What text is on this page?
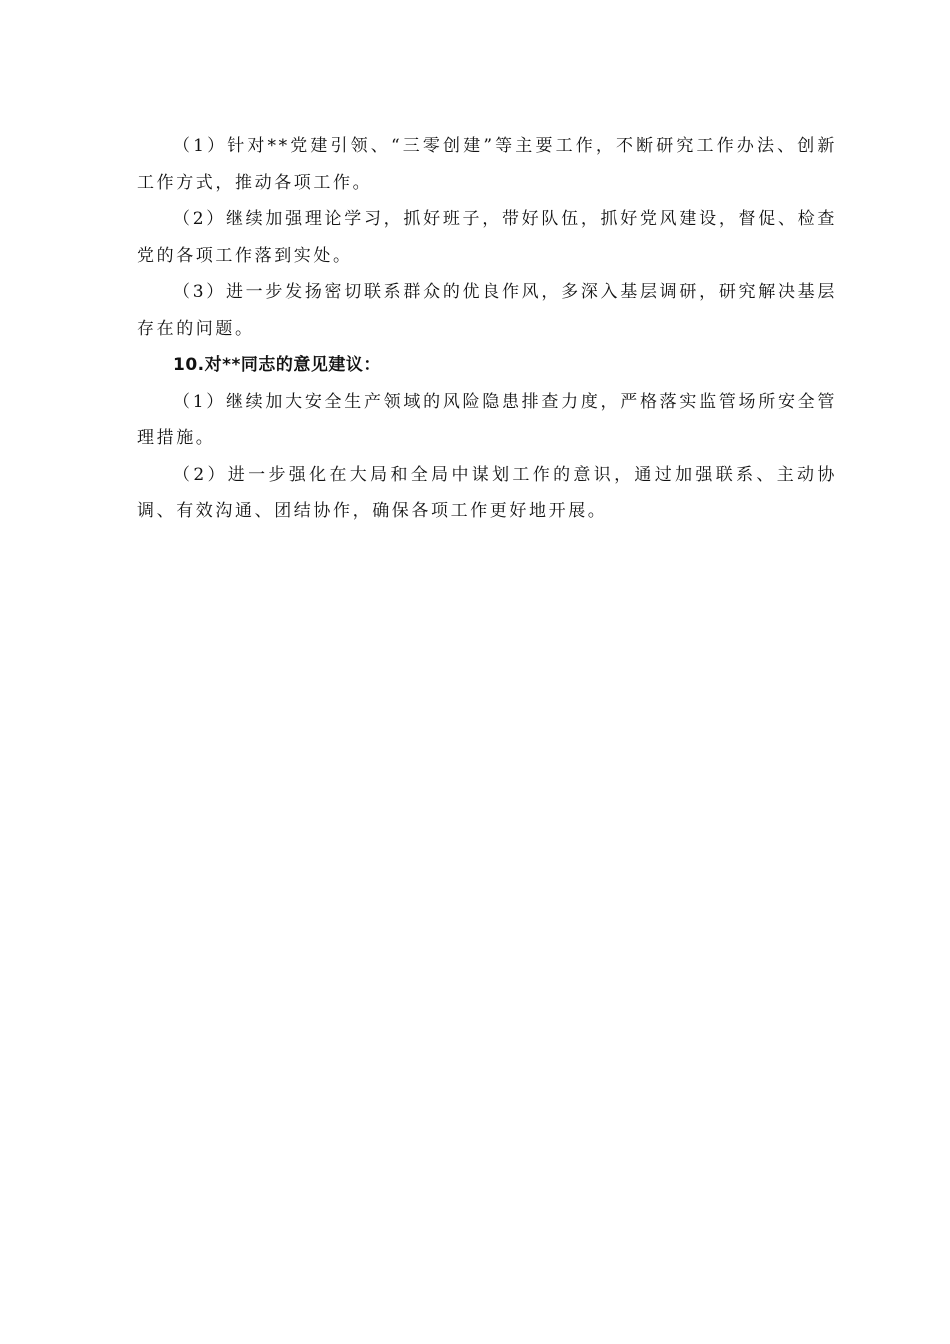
（1）针对**党建引领、“三零创建”等主要工作，不断研究工作办法、创新工作方式，推动各项工作。

（2）继续加强理论学习，抓好班子，带好队伍，抓好党风建设，督促、检查党的各项工作落到实处。

（3）进一步发扬密切联系群众的优良作风，多深入基层调研，研究解决基层存在的问题。

10.对**同志的意见建议：

（1）继续加大安全生产领域的风险隐患排查力度，严格落实监管场所安全管理措施。

（2）进一步强化在大局和全局中谋划工作的意识，通过加强联系、主动协调、有效沟通、团结协作，确保各项工作更好地开展。
